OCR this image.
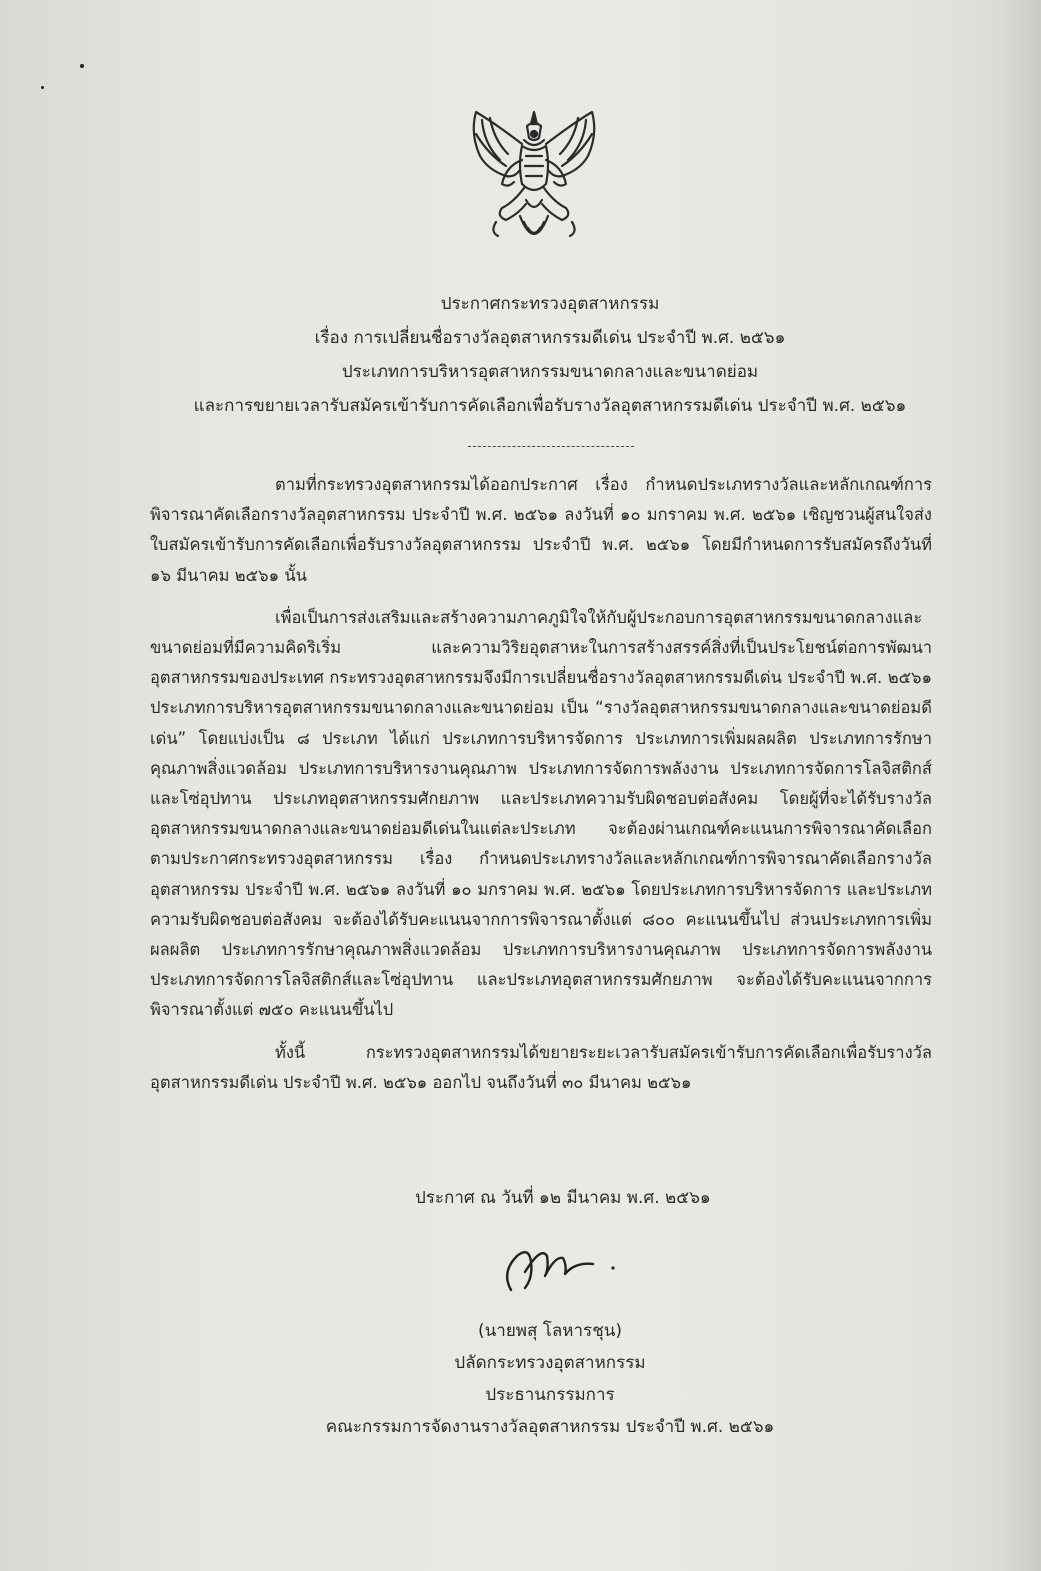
ประกาศกระทรวงอุตสาหกรรม
เรื่อง การเปลี่ยนชื่อรางวัลอุตสาหกรรมดีเด่น ประจำปี พ.ศ. ๒๕๖๑
ประเภทการบริหารอุตสาหกรรมขนาดกลางและขนาดย่อม
และการขยายเวลารับสมัครเข้ารับการคัดเลือกเพื่อรับรางวัลอุตสาหกรรมดีเด่น ประจำปี พ.ศ. ๒๕๖๑

ตามที่กระทรวงอุตสาหกรรมได้ออกประกาศ เรื่อง กำหนดประเภทรางวัลและหลักเกณฑ์การพิจารณาคัดเลือกรางวัลอุตสาหกรรม ประจำปี พ.ศ. ๒๕๖๑ ลงวันที่ ๑๐ มกราคม พ.ศ. ๒๕๖๑ เชิญชวนผู้สนใจส่งใบสมัครเข้ารับการคัดเลือกเพื่อรับรางวัลอุตสาหกรรม ประจำปี พ.ศ. ๒๕๖๑ โดยมีกำหนดการรับสมัครถึงวันที่ ๑๖ มีนาคม ๒๕๖๑ นั้น

เพื่อเป็นการส่งเสริมและสร้างความภาคภูมิใจให้กับผู้ประกอบการอุตสาหกรรมขนาดกลางและขนาดย่อมที่มีความคิดริเริ่ม และความวิริยอุตสาหะในการสร้างสรรค์สิ่งที่เป็นประโยชน์ต่อการพัฒนาอุตสาหกรรมของประเทศ กระทรวงอุตสาหกรรมจึงมีการเปลี่ยนชื่อรางวัลอุตสาหกรรมดีเด่น ประจำปี พ.ศ. ๒๕๖๑ ประเภทการบริหารอุตสาหกรรมขนาดกลางและขนาดย่อม เป็น “รางวัลอุตสาหกรรมขนาดกลางและขนาดย่อมดีเด่น” โดยแบ่งเป็น ๘ ประเภท ได้แก่ ประเภทการบริหารจัดการ ประเภทการเพิ่มผลผลิต ประเภทการรักษาคุณภาพสิ่งแวดล้อม ประเภทการบริหารงานคุณภาพ ประเภทการจัดการพลังงาน ประเภทการจัดการโลจิสติกส์และโซ่อุปทาน ประเภทอุตสาหกรรมศักยภาพ และประเภทความรับผิดชอบต่อสังคม โดยผู้ที่จะได้รับรางวัลอุตสาหกรรมขนาดกลางและขนาดย่อมดีเด่นในแต่ละประเภท จะต้องผ่านเกณฑ์คะแนนการพิจารณาคัดเลือกตามประกาศกระทรวงอุตสาหกรรม เรื่อง กำหนดประเภทรางวัลและหลักเกณฑ์การพิจารณาคัดเลือกรางวัลอุตสาหกรรม ประจำปี พ.ศ. ๒๕๖๑ ลงวันที่ ๑๐ มกราคม พ.ศ. ๒๕๖๑ โดยประเภทการบริหารจัดการ และประเภทความรับผิดชอบต่อสังคม จะต้องได้รับคะแนนจากการพิจารณาตั้งแต่ ๘๐๐ คะแนนขึ้นไป ส่วนประเภทการเพิ่มผลผลิต ประเภทการรักษาคุณภาพสิ่งแวดล้อม ประเภทการบริหารงานคุณภาพ ประเภทการจัดการพลังงาน ประเภทการจัดการโลจิสติกส์และโซ่อุปทาน และประเภทอุตสาหกรรมศักยภาพ จะต้องได้รับคะแนนจากการพิจารณาตั้งแต่ ๗๕๐ คะแนนขึ้นไป

ทั้งนี้ กระทรวงอุตสาหกรรมได้ขยายระยะเวลารับสมัครเข้ารับการคัดเลือกเพื่อรับรางวัลอุตสาหกรรมดีเด่น ประจำปี พ.ศ. ๒๕๖๑ ออกไป จนถึงวันที่ ๓๐ มีนาคม ๒๕๖๑

ประกาศ ณ วันที่ ๑๒ มีนาคม พ.ศ. ๒๕๖๑
(นายพสุ โลหารชุน)
ปลัดกระทรวงอุตสาหกรรม
ประธานกรรมการ
คณะกรรมการจัดงานรางวัลอุตสาหกรรม ประจำปี พ.ศ. ๒๕๖๑
